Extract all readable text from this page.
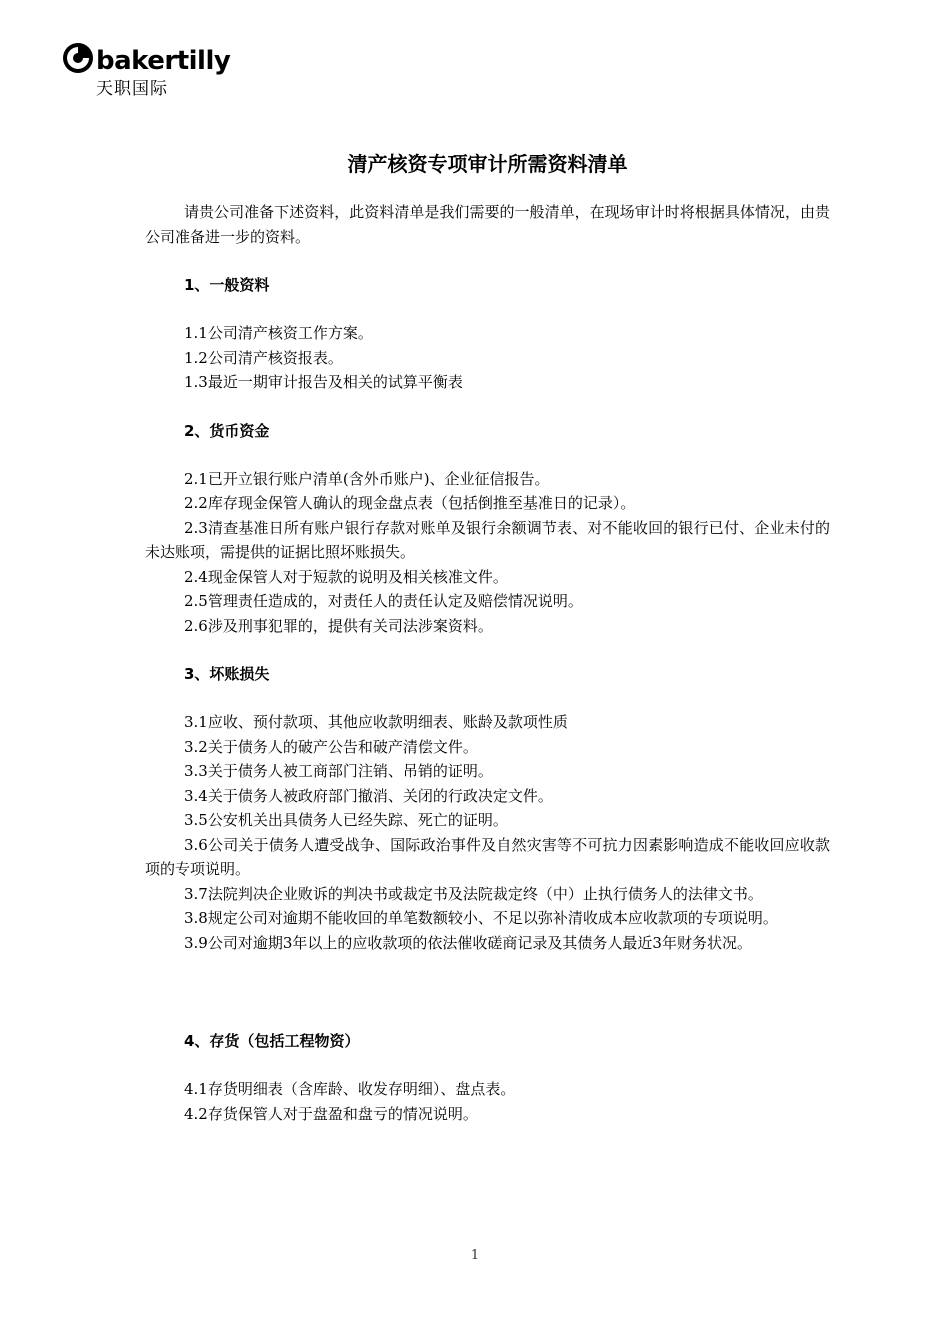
bakertilly
天职国际
清产核资专项审计所需资料清单

请贵公司准备下述资料，此资料清单是我们需要的一般清单，在现场审计时将根据具体情况，由贵公司准备进一步的资料。

1、一般资料

1.1公司清产核资工作方案。

1.2公司清产核资报表。

1.3最近一期审计报告及相关的试算平衡表

2、货币资金

2.1已开立银行账户清单(含外币账户)、企业征信报告。

2.2库存现金保管人确认的现金盘点表（包括倒推至基准日的记录）。

2.3清查基准日所有账户银行存款对账单及银行余额调节表、对不能收回的银行已付、企业未付的未达账项，需提供的证据比照坏账损失。

2.4现金保管人对于短款的说明及相关核准文件。

2.5管理责任造成的，对责任人的责任认定及赔偿情况说明。

2.6涉及刑事犯罪的，提供有关司法涉案资料。

3、坏账损失

3.1应收、预付款项、其他应收款明细表、账龄及款项性质

3.2关于债务人的破产公告和破产清偿文件。

3.3关于债务人被工商部门注销、吊销的证明。

3.4关于债务人被政府部门撤消、关闭的行政决定文件。

3.5公安机关出具债务人已经失踪、死亡的证明。

3.6公司关于债务人遭受战争、国际政治事件及自然灾害等不可抗力因素影响造成不能收回应收款项的专项说明。

3.7法院判决企业败诉的判决书或裁定书及法院裁定终（中）止执行债务人的法律文书。

3.8规定公司对逾期不能收回的单笔数额较小、不足以弥补清收成本应收款项的专项说明。

3.9公司对逾期3年以上的应收款项的依法催收磋商记录及其债务人最近3年财务状况。

4、存货（包括工程物资）

4.1存货明细表（含库龄、收发存明细）、盘点表。

4.2存货保管人对于盘盈和盘亏的情况说明。

1
